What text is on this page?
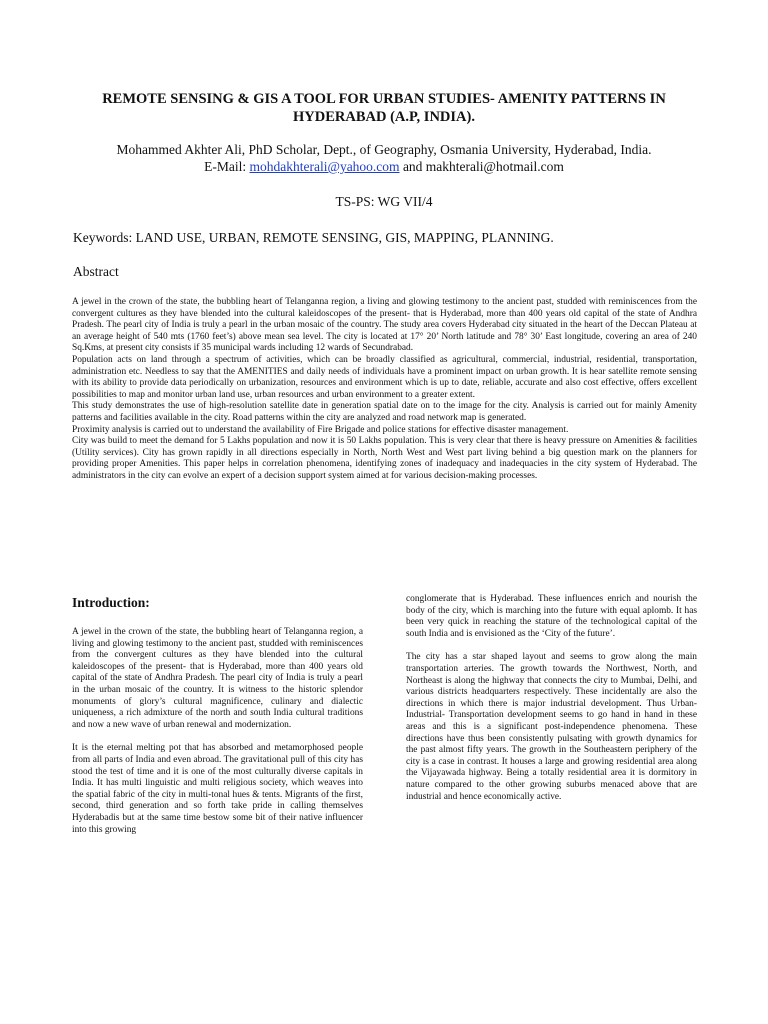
REMOTE SENSING & GIS A TOOL FOR URBAN STUDIES- AMENITY PATTERNS IN
HYDERABAD (A.P, INDIA).
Mohammed Akhter Ali, PhD Scholar, Dept., of Geography, Osmania University, Hyderabad, India.
E-Mail: mohdakhterali@yahoo.com and makhterali@hotmail.com
TS-PS: WG VII/4
Keywords: LAND USE, URBAN, REMOTE SENSING, GIS, MAPPING, PLANNING.
Abstract

A jewel in the crown of the state, the bubbling heart of Telanganna region, a living and glowing testimony to the ancient past, studded with reminiscences from the convergent cultures as they have blended into the cultural kaleidoscopes of the present- that is Hyderabad, more than 400 years old capital of the state of Andhra Pradesh. The pearl city of India is truly a pearl in the urban mosaic of the country. The study area covers Hyderabad city situated in the heart of the Deccan Plateau at an average height of 540 mts (1760 feet’s) above mean sea level. The city is located at 17° 20’ North latitude and 78° 30’ East longitude, covering an area of 240 Sq.Kms, at present city consists if 35 municipal wards including 12 wards of Secundrabad.

Population acts on land through a spectrum of activities, which can be broadly classified as agricultural, commercial, industrial, residential, transportation, administration etc. Needless to say that the AMENITIES and daily needs of individuals have a prominent impact on urban growth. It is hear satellite remote sensing with its ability to provide data periodically on urbanization, resources and environment which is up to date, reliable, accurate and also cost effective, offers excellent possibilities to map and monitor urban land use, urban resources and urban environment to a greater extent.

This study demonstrates the use of high-resolution satellite date in generation spatial date on to the image for the city. Analysis is carried out for mainly Amenity patterns and facilities available in the city. Road patterns within the city are analyzed and road network map is generated.

Proximity analysis is carried out to understand the availability of Fire Brigade and police stations for effective disaster management.

City was build to meet the demand for 5 Lakhs population and now it is 50 Lakhs population. This is very clear that there is heavy pressure on Amenities & facilities (Utility services). City has grown rapidly in all directions especially in North, North West and West part living behind a big question mark on the planners for providing proper Amenities. This paper helps in correlation phenomena, identifying zones of inadequacy and inadequacies in the city system of Hyderabad. The administrators in the city can evolve an expert of a decision support system aimed at for various decision-making processes.

Introduction:

A jewel in the crown of the state, the bubbling heart of Telanganna region, a living and glowing testimony to the ancient past, studded with reminiscences from the convergent cultures as they have blended into the cultural kaleidoscopes of the present- that is Hyderabad, more than 400 years old capital of the state of Andhra Pradesh. The pearl city of India is truly a pearl in the urban mosaic of the country. It is witness to the historic splendor monuments of glory’s cultural magnificence, culinary and dialectic uniqueness, a rich admixture of the north and south India cultural traditions and now a new wave of urban renewal and modernization.

It is the eternal melting pot that has absorbed and metamorphosed people from all parts of India and even abroad. The gravitational pull of this city has stood the test of time and it is one of the most culturally diverse capitals in India. It has multi linguistic and multi religious society, which weaves into the spatial fabric of the city in multi-tonal hues & tents. Migrants of the first, second, third generation and so forth take pride in calling themselves Hyderabadis but at the same time bestow some bit of their native influencer into this growing

conglomerate that is Hyderabad. These influences enrich and nourish the body of the city, which is marching into the future with equal aplomb. It has been very quick in reaching the stature of the technological capital of the south India and is envisioned as the ‘City of the future’.

The city has a star shaped layout and seems to grow along the main transportation arteries. The growth towards the Northwest, North, and Northeast is along the highway that connects the city to Mumbai, Delhi, and various districts headquarters respectively. These incidentally are also the directions in which there is major industrial development. Thus Urban- Industrial- Transportation development seems to go hand in hand in these areas and this is a significant post-independence phenomena. These directions have thus been consistently pulsating with growth dynamics for the past almost fifty years. The growth in the Southeastern periphery of the city is a case in contrast. It houses a large and growing residential area along the Vijayawada highway. Being a totally residential area it is dormitory in nature compared to the other growing suburbs menaced above that are industrial and hence economically active.
